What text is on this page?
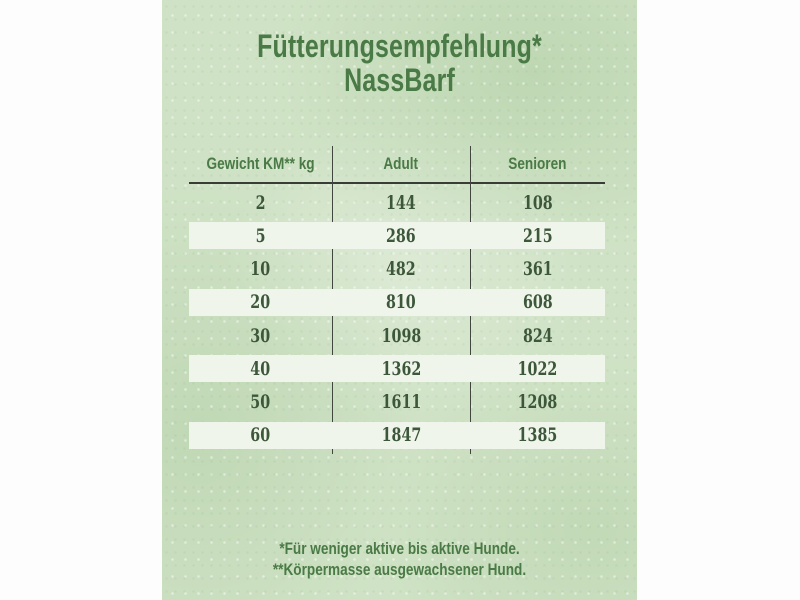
Fütterungsempfehlung*
NassBarf
Gewicht KM** kg	Adult	Senioren
2	144	108
5	286	215
10	482	361
20	810	608
30	1098	824
40	1362	1022
50	1611	1208
60	1847	1385
*Für weniger aktive bis aktive Hunde.
**Körpermasse ausgewachsener Hund.
